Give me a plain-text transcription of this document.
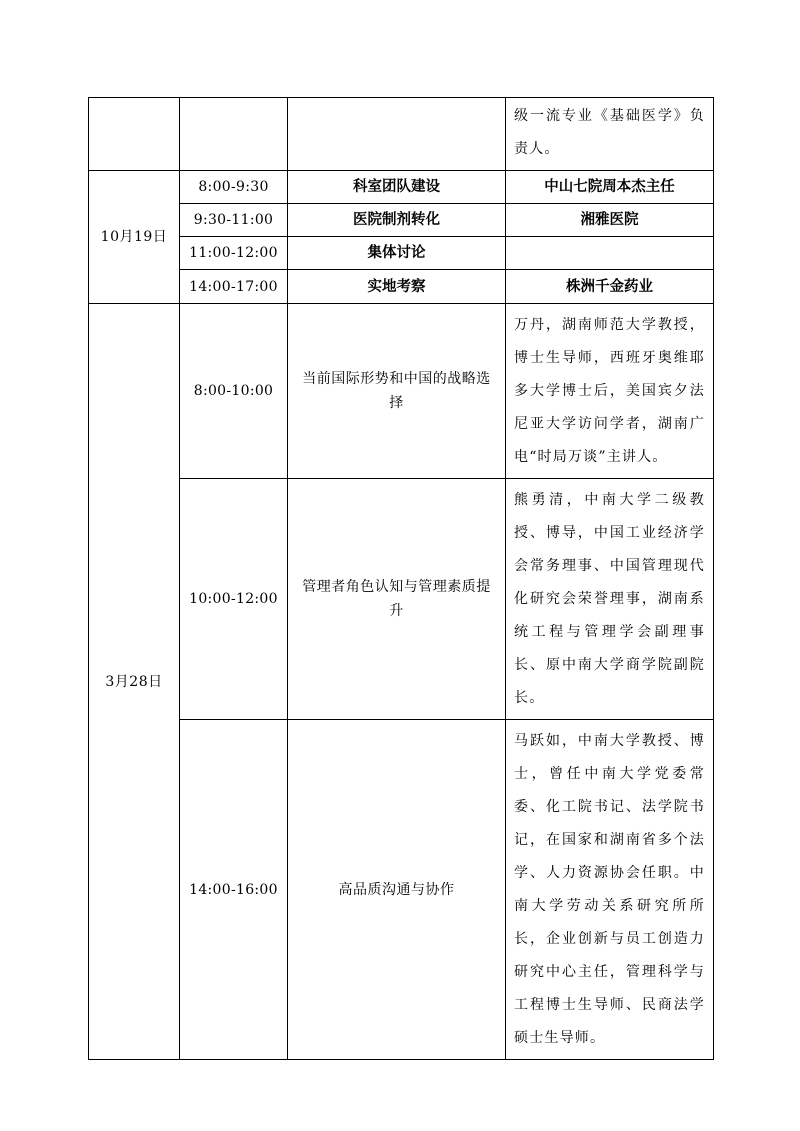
			级一流专业《基础医学》负责人。
10月19日	8:00-9:30	科室团队建设	中山七院周本杰主任
	9:30-11:00	医院制剂转化	湘雅医院
	11:00-12:00	集体讨论	
	14:00-17:00	实地考察	株洲千金药业
3月28日	8:00-10:00	当前国际形势和中国的战略选择	万丹，湖南师范大学教授，博士生导师，西班牙奥维耶多大学博士后，美国宾夕法尼亚大学访问学者，湖南广电“时局万谈”主讲人。
	10:00-12:00	管理者角色认知与管理素质提升	熊勇清，中南大学二级教授、博导，中国工业经济学会常务理事、中国管理现代化研究会荣誉理事，湖南系统工程与管理学会副理事长、原中南大学商学院副院长。
	14:00-16:00	高品质沟通与协作	马跃如，中南大学教授、博士，曾任中南大学党委常委、化工院书记、法学院书记，在国家和湖南省多个法学、人力资源协会任职。中南大学劳动关系研究所所长，企业创新与员工创造力研究中心主任，管理科学与工程博士生导师、民商法学硕士生导师。
